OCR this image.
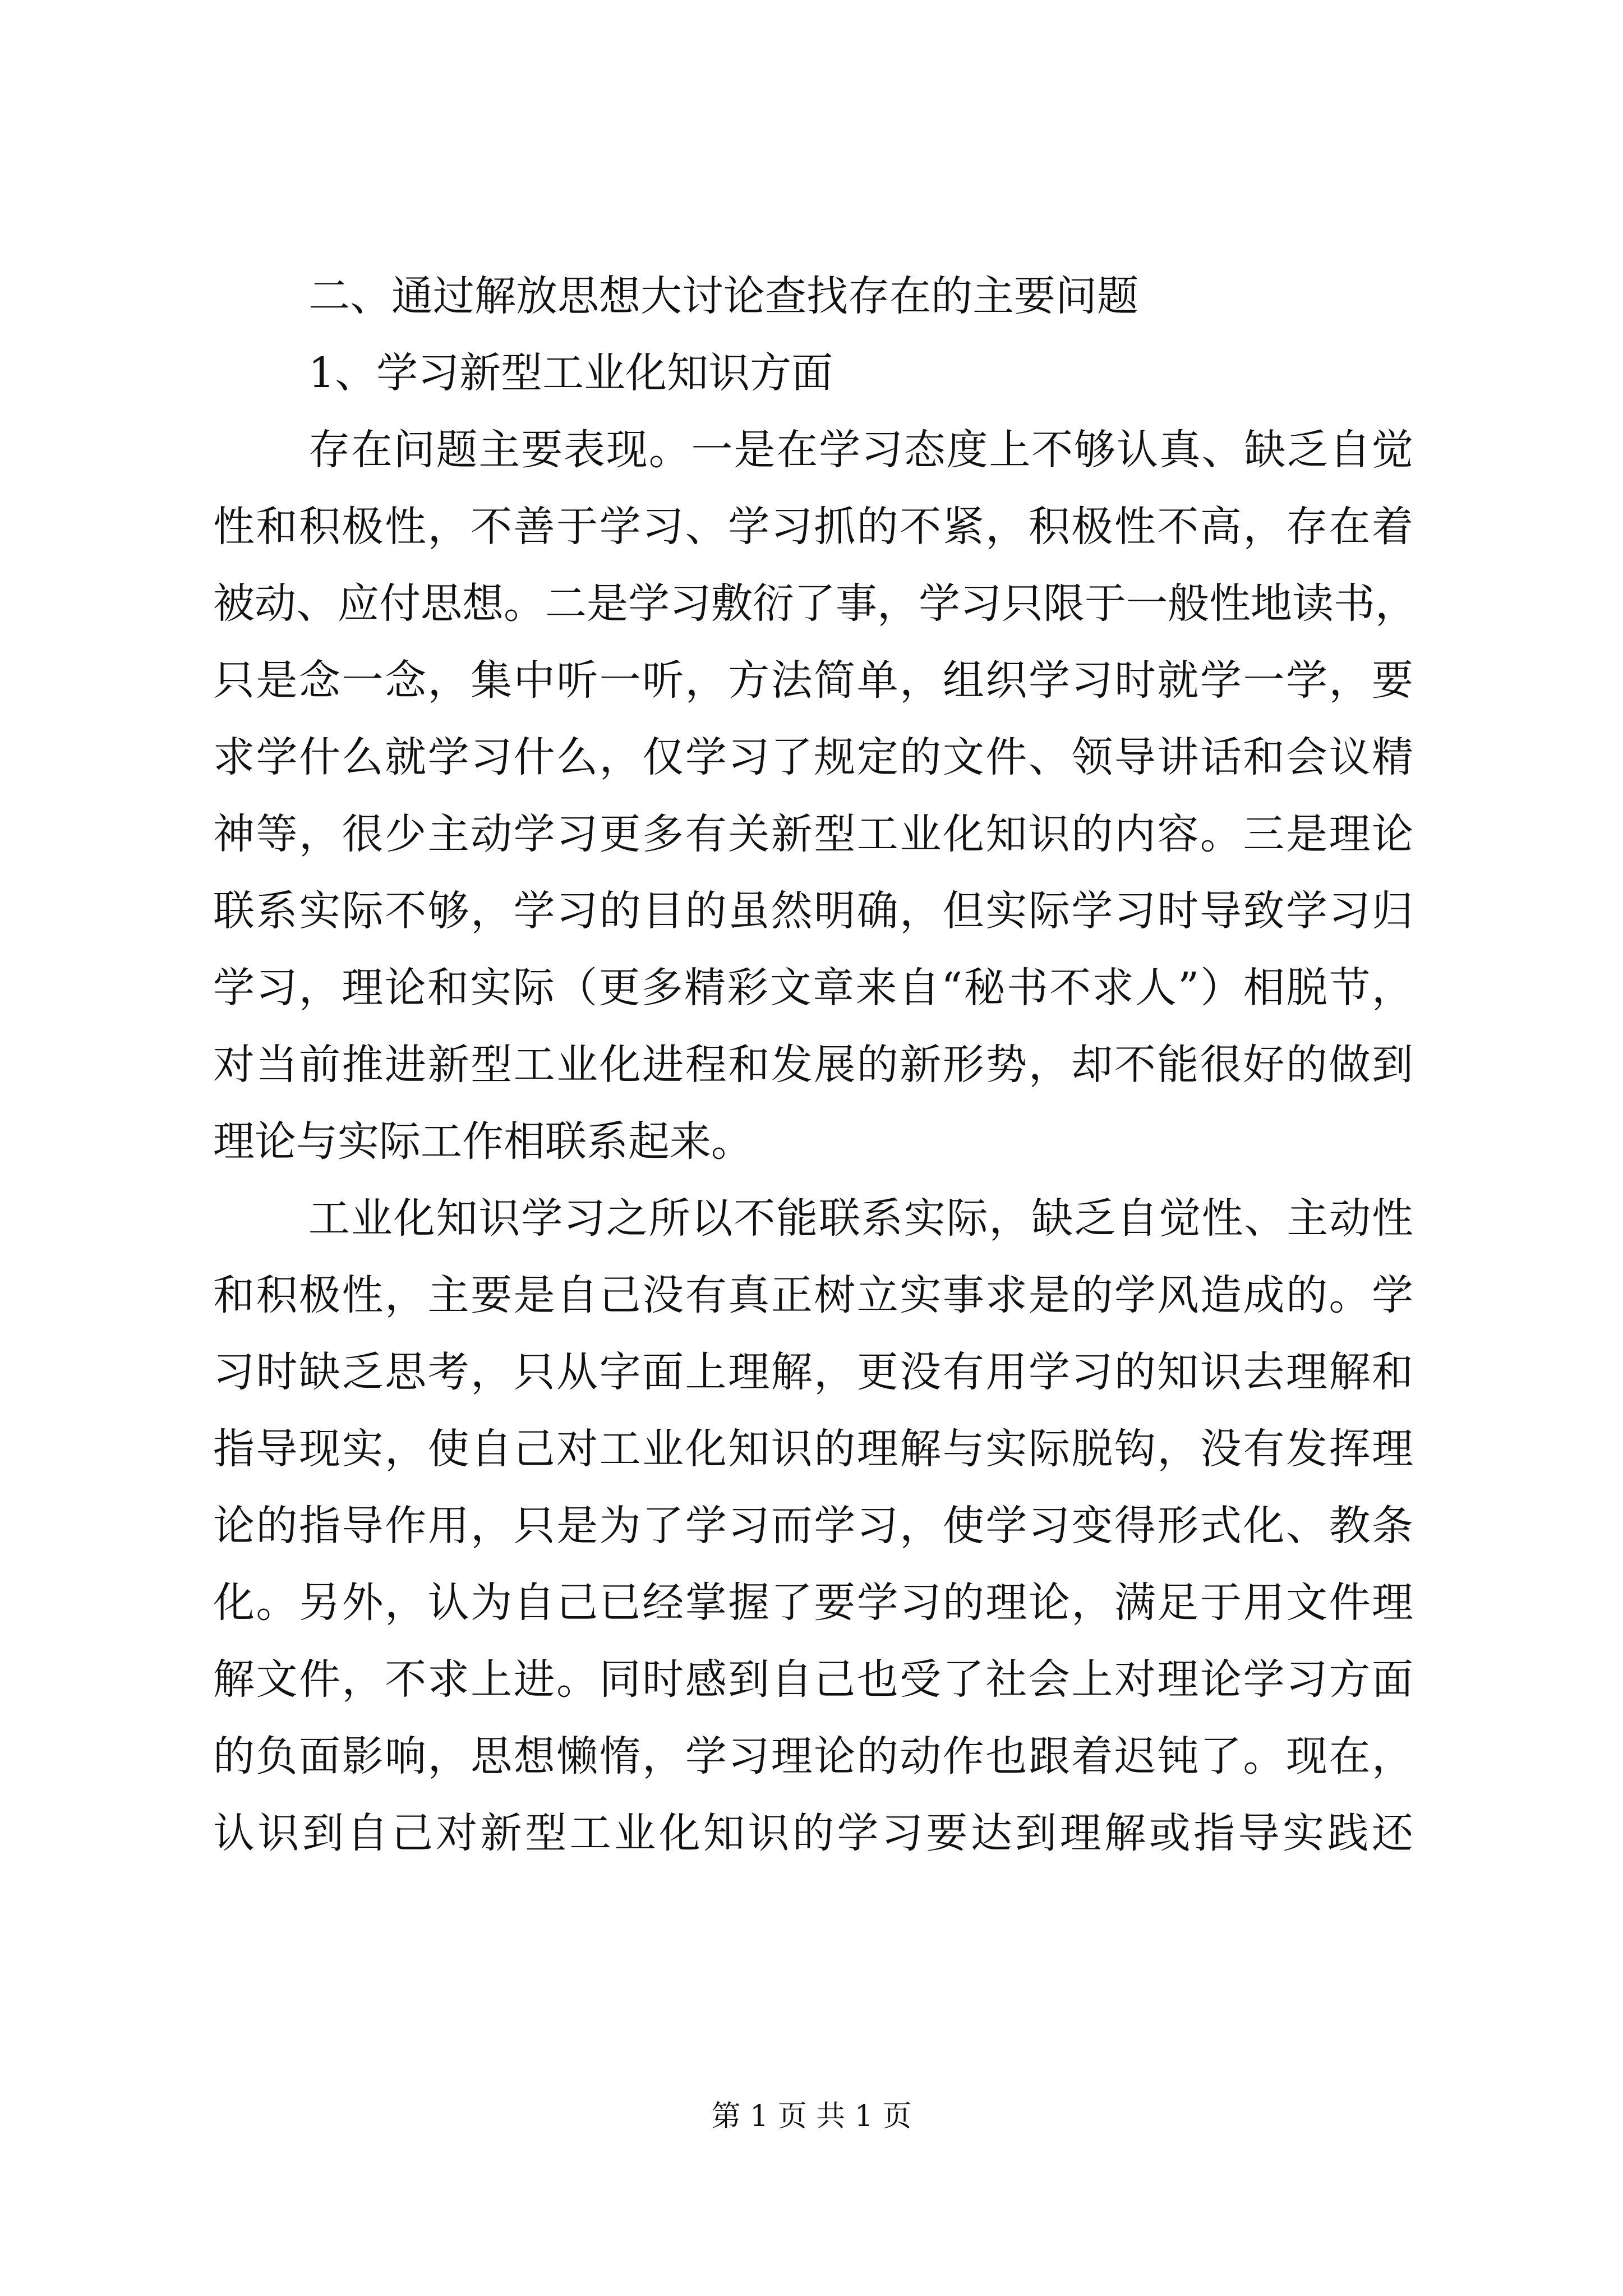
二、通过解放思想大讨论查找存在的主要问题
1、学习新型工业化知识方面
存在问题主要表现。一是在学习态度上不够认真、缺乏自觉
性和积极性，不善于学习、学习抓的不紧，积极性不高，存在着
被动、应付思想。二是学习敷衍了事，学习只限于一般性地读书，
只是念一念，集中听一听，方法简单，组织学习时就学一学，要
求学什么就学习什么，仅学习了规定的文件、领导讲话和会议精
神等，很少主动学习更多有关新型工业化知识的内容。三是理论
联系实际不够，学习的目的虽然明确，但实际学习时导致学习归
学习，理论和实际（更多精彩文章来自“秘书不求人”）相脱节，
对当前推进新型工业化进程和发展的新形势，却不能很好的做到
理论与实际工作相联系起来。
工业化知识学习之所以不能联系实际，缺乏自觉性、主动性
和积极性，主要是自己没有真正树立实事求是的学风造成的。学
习时缺乏思考，只从字面上理解，更没有用学习的知识去理解和
指导现实，使自己对工业化知识的理解与实际脱钩，没有发挥理
论的指导作用，只是为了学习而学习，使学习变得形式化、教条
化。另外，认为自己已经掌握了要学习的理论，满足于用文件理
解文件，不求上进。同时感到自己也受了社会上对理论学习方面
的负面影响，思想懒惰，学习理论的动作也跟着迟钝了。现在，
认识到自己对新型工业化知识的学习要达到理解或指导实践还
第 1 页 共 1 页
